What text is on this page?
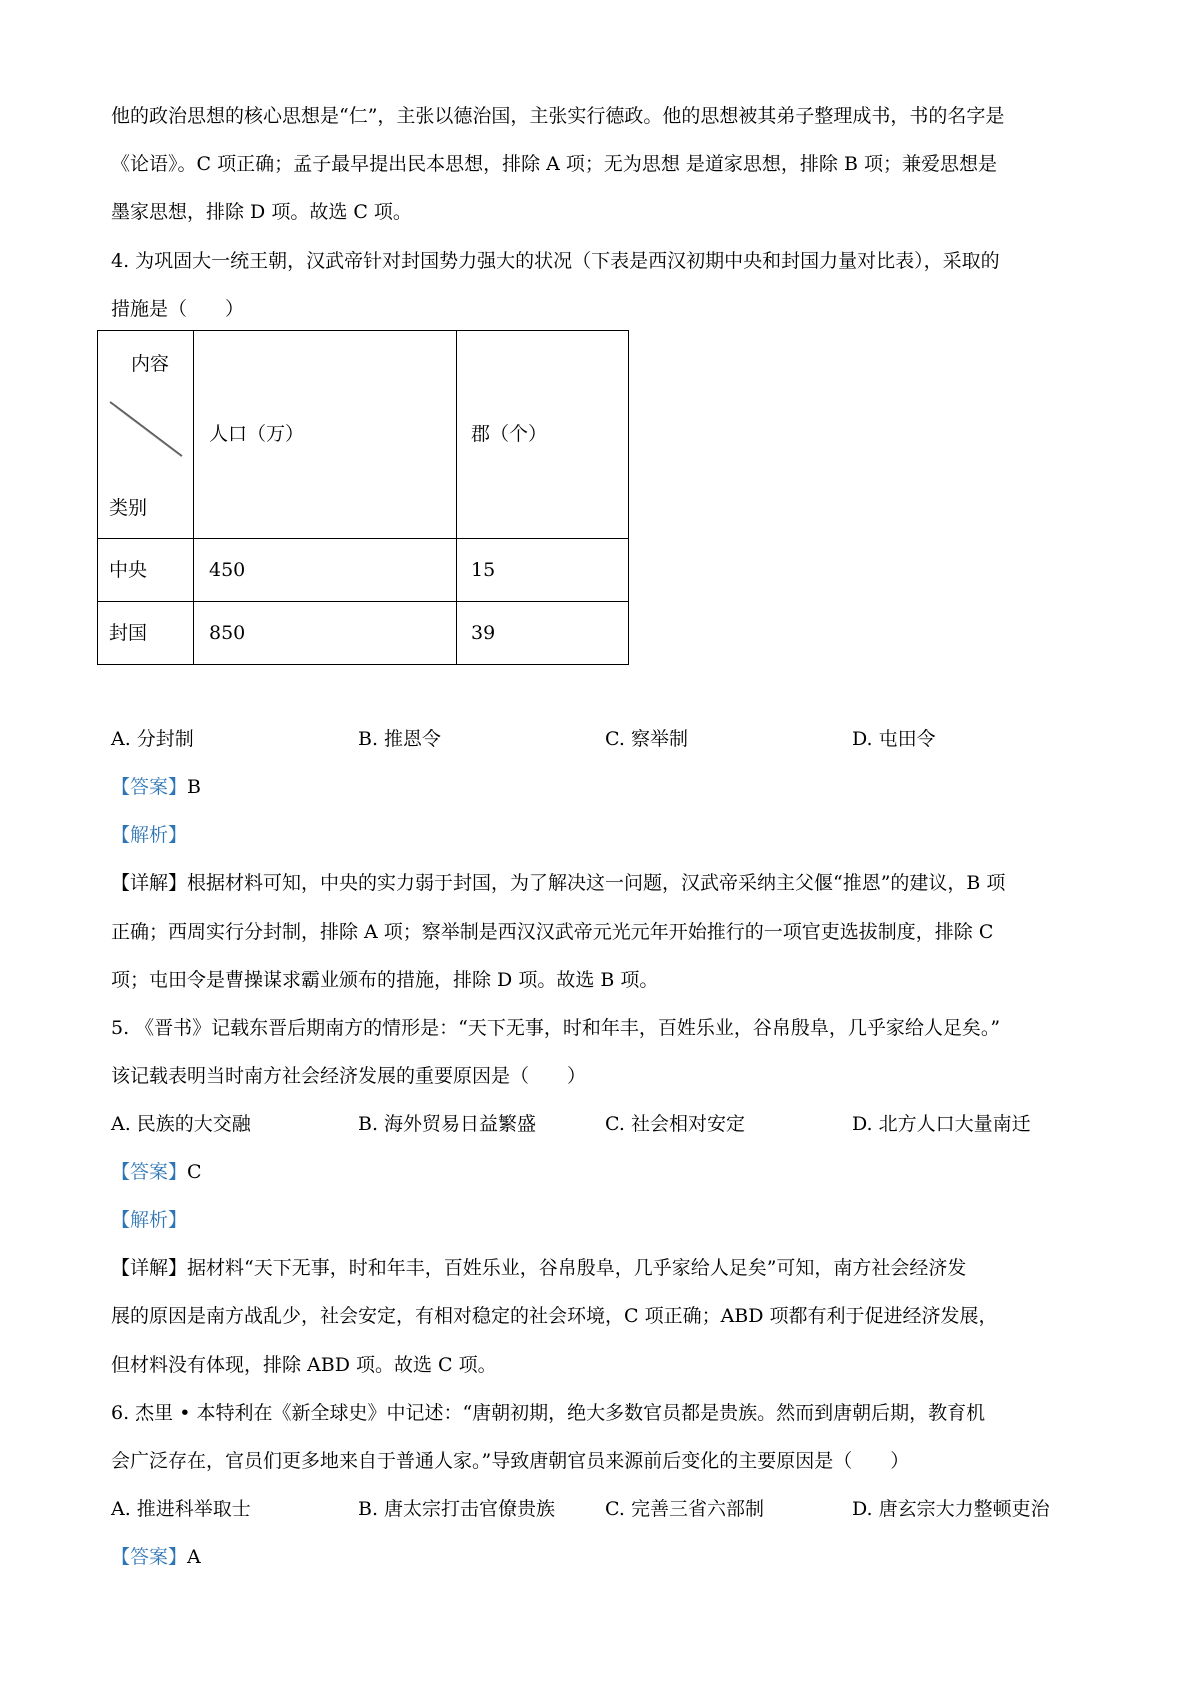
他的政治思想的核心思想是“仁”，主张以德治国，主张实行德政。他的思想被其弟子整理成书，书的名字是
《论语》。C 项正确；孟子最早提出民本思想，排除 A 项；无为思想 是道家思想，排除 B 项；兼爱思想是
墨家思想，排除 D 项。故选 C 项。
4. 为巩固大一统王朝，汉武帝针对封国势力强大的状况（下表是西汉初期中央和封国力量对比表），采取的
措施是（　　）
内容
类别
人口（万）	郡（个）
中央	450	15
封国	850	39
A. 分封制	B. 推恩令	C. 察举制	D. 屯田令
【答案】B
【解析】
【详解】根据材料可知，中央的实力弱于封国，为了解决这一问题，汉武帝采纳主父偃“推恩”的建议，B 项
正确；西周实行分封制，排除 A 项；察举制是西汉汉武帝元光元年开始推行的一项官吏选拔制度，排除 C
项；屯田令是曹操谋求霸业颁布的措施，排除 D 项。故选 B 项。
5. 《晋书》记载东晋后期南方的情形是：“天下无事，时和年丰，百姓乐业，谷帛殷阜，几乎家给人足矣。”
该记载表明当时南方社会经济发展的重要原因是（　　）
A. 民族的大交融	B. 海外贸易日益繁盛	C. 社会相对安定	D. 北方人口大量南迁
【答案】C
【解析】
【详解】据材料“天下无事，时和年丰，百姓乐业，谷帛殷阜，几乎家给人足矣”可知，南方社会经济发
展的原因是南方战乱少，社会安定，有相对稳定的社会环境，C 项正确；ABD 项都有利于促进经济发展，
但材料没有体现，排除 ABD 项。故选 C 项。
6. 杰里 • 本特利在《新全球史》中记述：“唐朝初期，绝大多数官员都是贵族。然而到唐朝后期，教育机
会广泛存在，官员们更多地来自于普通人家。”导致唐朝官员来源前后变化的主要原因是（　　）
A. 推进科举取士	B. 唐太宗打击官僚贵族	C. 完善三省六部制	D. 唐玄宗大力整顿吏治
【答案】A
